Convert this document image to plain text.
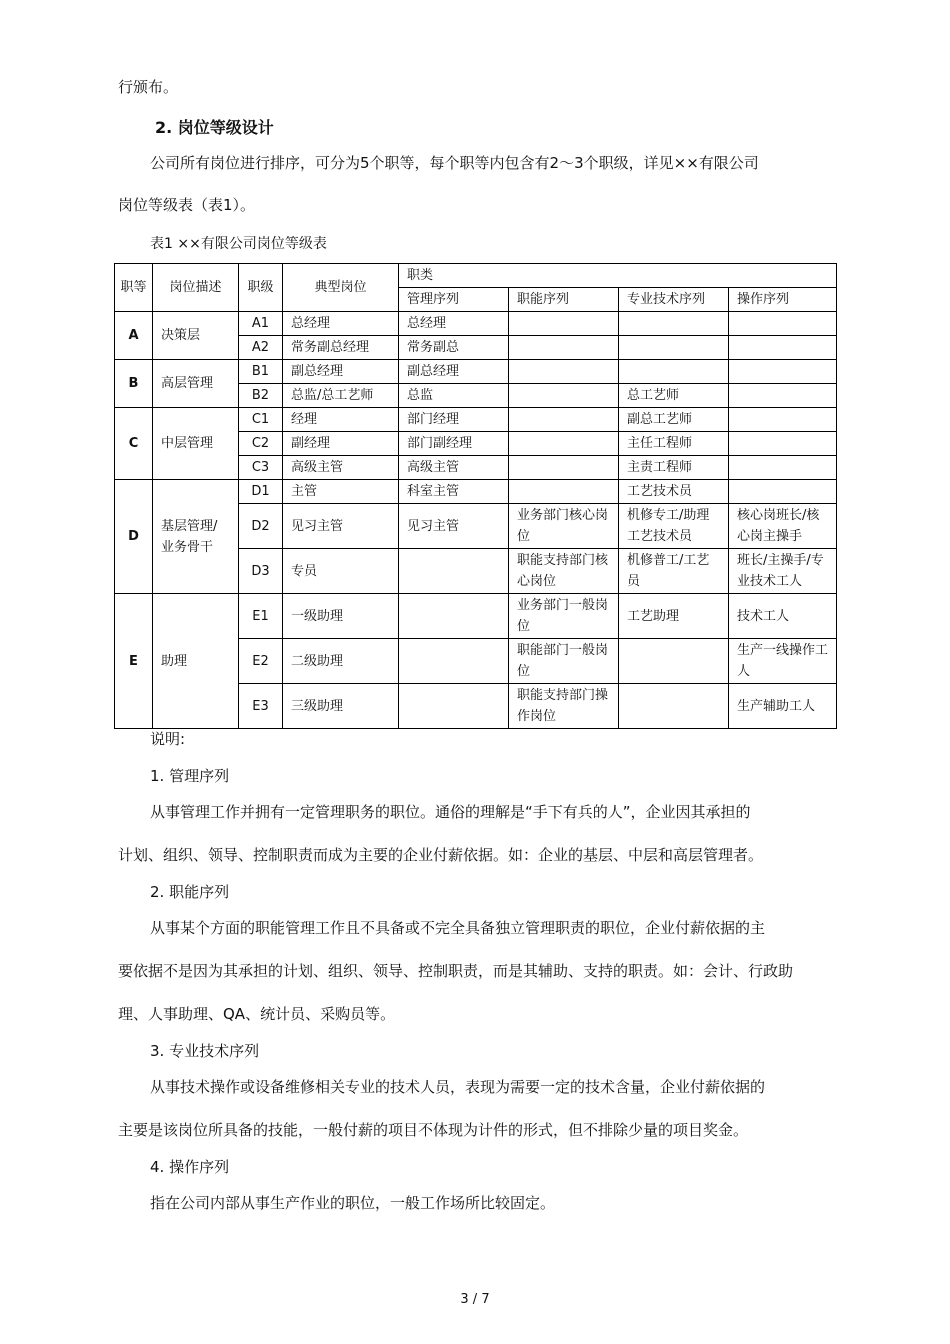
行颁布。
2. 岗位等级设计
公司所有岗位进行排序，可分为5个职等，每个职等内包含有2～3个职级，详见××有限公司
岗位等级表（表1）。
表1 ××有限公司岗位等级表
职等	岗位描述	职级	典型岗位	职类			
				管理序列	职能序列	专业技术序列	操作序列
A	决策层	A1	总经理	总经理			
		A2	常务副总经理	常务副总			
B	高层管理	B1	副总经理	副总经理			
		B2	总监/总工艺师	总监		总工艺师	
C	中层管理	C1	经理	部门经理		副总工艺师	
		C2	副经理	部门副经理		主任工程师	
		C3	高级主管	高级主管		主责工程师	
D	基层管理/业务骨干	D1	主管	科室主管		工艺技术员	
		D2	见习主管	见习主管	业务部门核心岗位	机修专工/助理工艺技术员	核心岗班长/核心岗主操手
		D3	专员		职能支持部门核心岗位	机修普工/工艺员	班长/主操手/专业技术工人
E	助理	E1	一级助理		业务部门一般岗位	工艺助理	技术工人
		E2	二级助理		职能部门一般岗位		生产一线操作工人
		E3	三级助理		职能支持部门操作岗位		生产辅助工人
说明:
1. 管理序列
从事管理工作并拥有一定管理职务的职位。通俗的理解是“手下有兵的人”，企业因其承担的
计划、组织、领导、控制职责而成为主要的企业付薪依据。如：企业的基层、中层和高层管理者。
2. 职能序列
从事某个方面的职能管理工作且不具备或不完全具备独立管理职责的职位，企业付薪依据的主
要依据不是因为其承担的计划、组织、领导、控制职责，而是其辅助、支持的职责。如：会计、行政助
理、人事助理、QA、统计员、采购员等。
3. 专业技术序列
从事技术操作或设备维修相关专业的技术人员，表现为需要一定的技术含量，企业付薪依据的
主要是该岗位所具备的技能，一般付薪的项目不体现为计件的形式，但不排除少量的项目奖金。
4. 操作序列
指在公司内部从事生产作业的职位，一般工作场所比较固定。
3 / 7
